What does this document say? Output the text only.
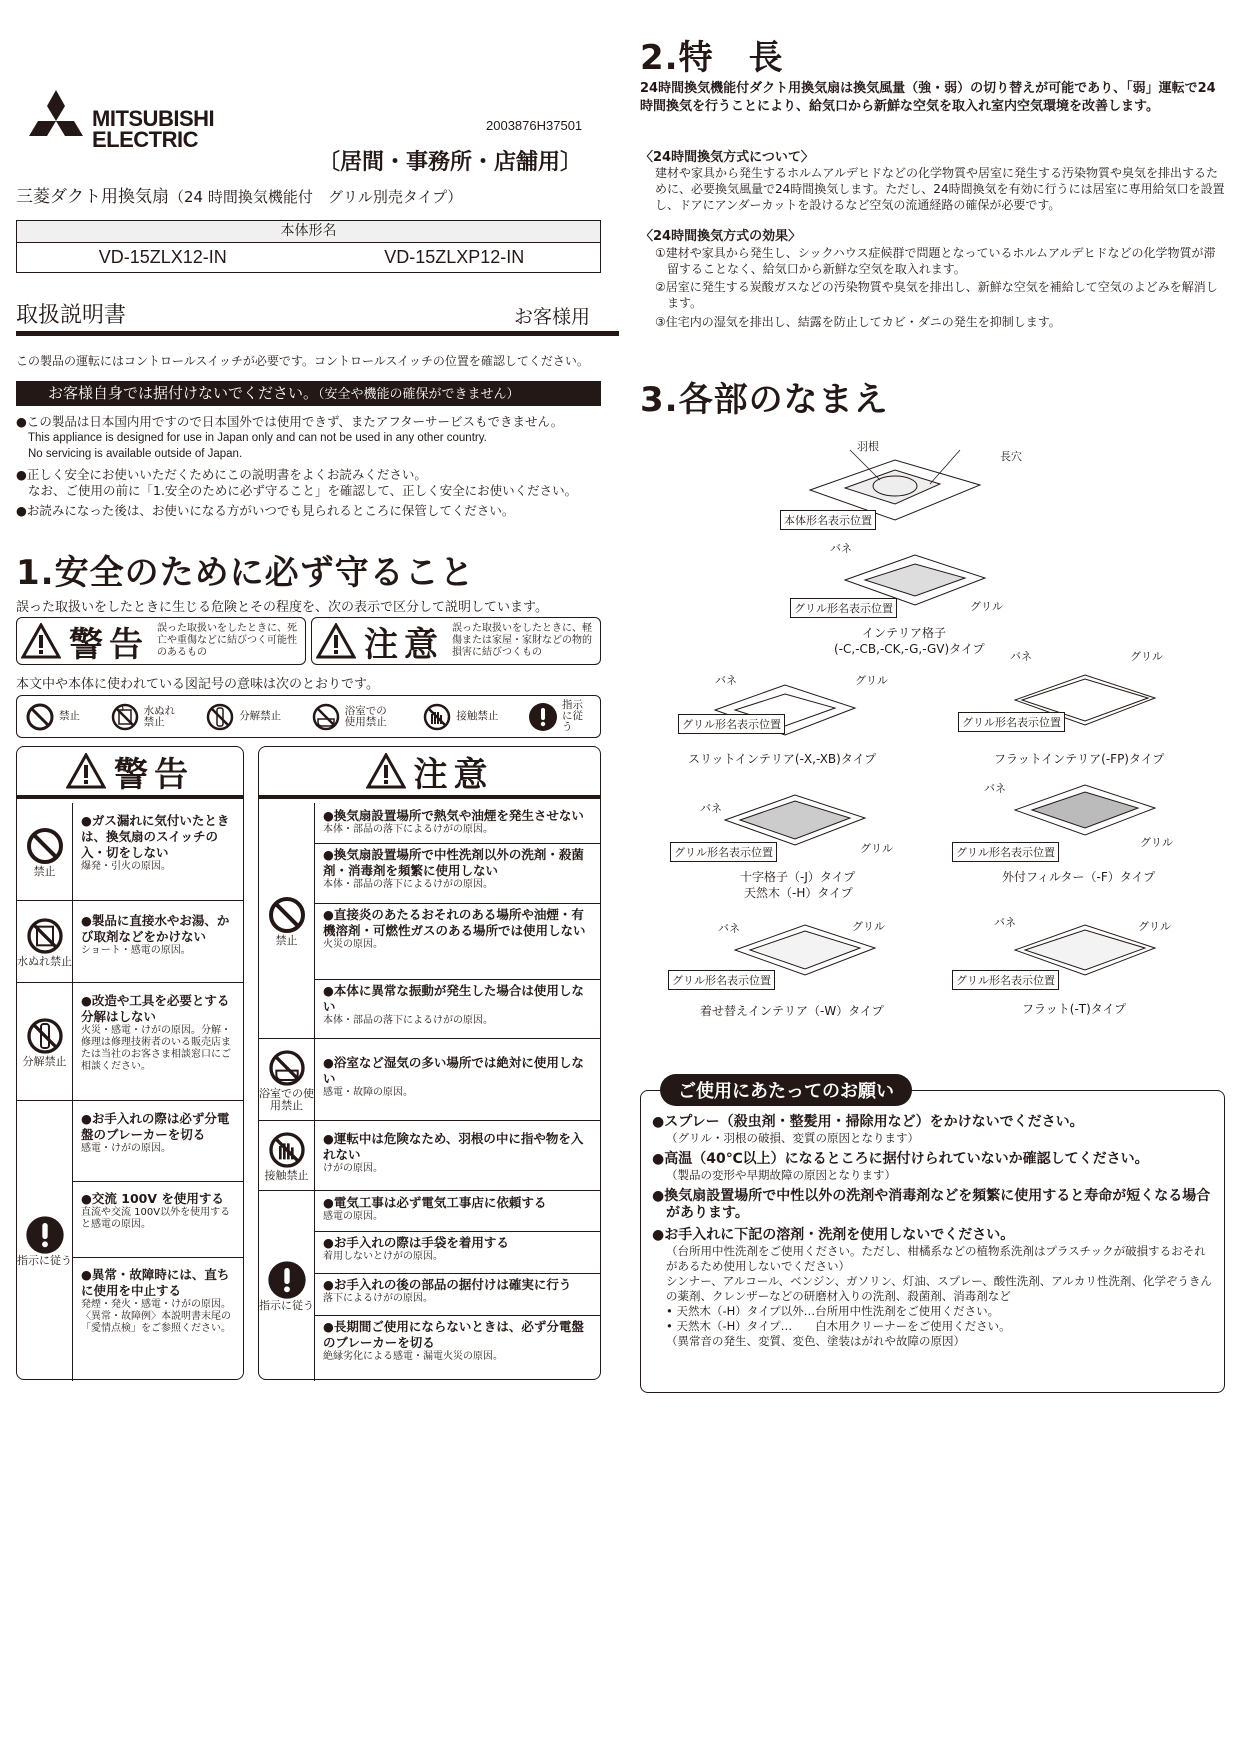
MITSUBISHI
ELECTRIC
2003876H37501
〔居間・事務所・店舗用〕
三菱ダクト用換気扇（24 時間換気機能付　グリル別売タイプ）
本体形名
VD-15ZLX12-IN	VD-15ZLXP12-IN
取扱説明書	お客様用
この製品の運転にはコントロールスイッチが必要です。コントロールスイッチの位置を確認してください。
お客様自身では据付けないでください。（安全や機能の確保ができません）
●この製品は日本国内用ですので日本国外では使用できず、またアフターサービスもできません。
This appliance is designed for use in Japan only and can not be used in any other country.
No servicing is available outside of Japan.
●正しく安全にお使いいただくためにこの説明書をよくお読みください。
なお、ご使用の前に「1.安全のために必ず守ること」を確認して、正しく安全にお使いください。
●お読みになった後は、お使いになる方がいつでも見られるところに保管してください。
1.安全のために必ず守ること
誤った取扱いをしたときに生じる危険とその程度を、次の表示で区分して説明しています。
警告 誤った取扱いをしたときに、死亡や重傷などに結びつく可能性のあるもの	注意 誤った取扱いをしたときに、軽傷または家屋・家財などの物的損害に結びつくもの
本文中や本体に使われている図記号の意味は次のとおりです。
禁止	水ぬれ禁止	分解禁止	浴室での使用禁止	接触禁止
指示に従う
警告
禁止
●ガス漏れに気付いたときは、換気扇のスイッチの入・切をしない
爆発・引火の原因。
水ぬれ禁止
●製品に直接水やお湯、かび取剤などをかけない
ショート・感電の原因。
分解禁止
●改造や工具を必要とする分解はしない
火災・感電・けがの原因。分解・修理は修理技術者のいる販売店または当社のお客さま相談窓口にご相談ください。
指示に従う
●お手入れの際は必ず分電盤のブレーカーを切る
感電・けがの原因。
●交流 100V を使用する
直流や交流 100V以外を使用すると感電の原因。
●異常・故障時には、直ちに使用を中止する
発煙・発火・感電・けがの原因。〈異常・故障例〉本説明書末尾の「愛情点検」をご参照ください。
注意
禁止
●換気扇設置場所で熱気や油煙を発生させない
本体・部品の落下によるけがの原因。
●換気扇設置場所で中性洗剤以外の洗剤・殺菌剤・消毒剤を頻繁に使用しない
本体・部品の落下によるけがの原因。
●直接炎のあたるおそれのある場所や油煙・有機溶剤・可燃性ガスのある場所では使用しない
火災の原因。
●本体に異常な振動が発生した場合は使用しない
本体・部品の落下によるけがの原因。
浴室での使用禁止
●浴室など湿気の多い場所では絶対に使用しない
感電・故障の原因。
接触禁止
●運転中は危険なため、羽根の中に指や物を入れない
けがの原因。
指示に従う
●電気工事は必ず電気工事店に依頼する
感電の原因。
●お手入れの際は手袋を着用する
着用しないとけがの原因。
●お手入れの後の部品の据付けは確実に行う
落下によるけがの原因。
●長期間ご使用にならないときは、必ず分電盤のブレーカーを切る
絶縁劣化による感電・漏電火災の原因。
2.特　長
24時間換気機能付ダクト用換気扇は換気風量（強・弱）の切り替えが可能であり、「弱」運転で24時間換気を行うことにより、給気口から新鮮な空気を取入れ室内空気環境を改善します。
〈24時間換気方式について〉
建材や家具から発生するホルムアルデヒドなどの化学物質や居室に発生する汚染物質や臭気を排出するために、必要換気風量で24時間換気します。ただし、24時間換気を有効に行うには居室に専用給気口を設置し、ドアにアンダーカットを設けるなど空気の流通経路の確保が必要です。
〈24時間換気方式の効果〉
①建材や家具から発生し、シックハウス症候群で問題となっているホルムアルデヒドなどの化学物質が滞留することなく、給気口から新鮮な空気を取入れます。
②居室に発生する炭酸ガスなどの汚染物質や臭気を排出し、新鮮な空気を補給して空気のよどみを解消します。
③住宅内の湿気を排出し、結露を防止してカビ・ダニの発生を抑制します。
3.各部のなまえ
羽根
長穴
本体形名表示位置
バネ
グリル
グリル形名表示位置
インテリア格子
(-C,-CB,-CK,-G,-GV)タイプ
バネ	グリル
グリル形名表示位置
スリットインテリア(-X,-XB)タイプ
バネ	グリル
グリル形名表示位置
フラットインテリア(-FP)タイプ
バネ
グリル
グリル形名表示位置
十字格子（-J）タイプ
天然木（-H）タイプ
バネ
グリル
グリル形名表示位置
外付フィルター（-F）タイプ
バネ	グリル
グリル形名表示位置
着せ替えインテリア（-W）タイプ
バネ	グリル
グリル形名表示位置
フラット(-T)タイプ
ご使用にあたってのお願い
●スプレー（殺虫剤・整髪用・掃除用など）をかけないでください。
（グリル・羽根の破損、変質の原因となります）
●高温（40℃以上）になるところに据付けられていないか確認してください。
（製品の変形や早期故障の原因となります）
●換気扇設置場所で中性以外の洗剤や消毒剤などを頻繁に使用すると寿命が短くなる場合があります。
●お手入れに下記の溶剤・洗剤を使用しないでください。
（台所用中性洗剤をご使用ください。ただし、柑橘系などの植物系洗剤はプラスチックが破損するおそれがあるため使用しないでください）
シンナー、アルコール、ベンジン、ガソリン、灯油、スプレー、酸性洗剤、アルカリ性洗剤、化学ぞうきんの薬剤、クレンザーなどの研磨材入りの洗剤、殺菌剤、消毒剤など
• 天然木（-H）タイプ以外…台所用中性洗剤をご使用ください。
• 天然木（-H）タイプ…　　白木用クリーナーをご使用ください。
（異常音の発生、変質、変色、塗装はがれや故障の原因）
